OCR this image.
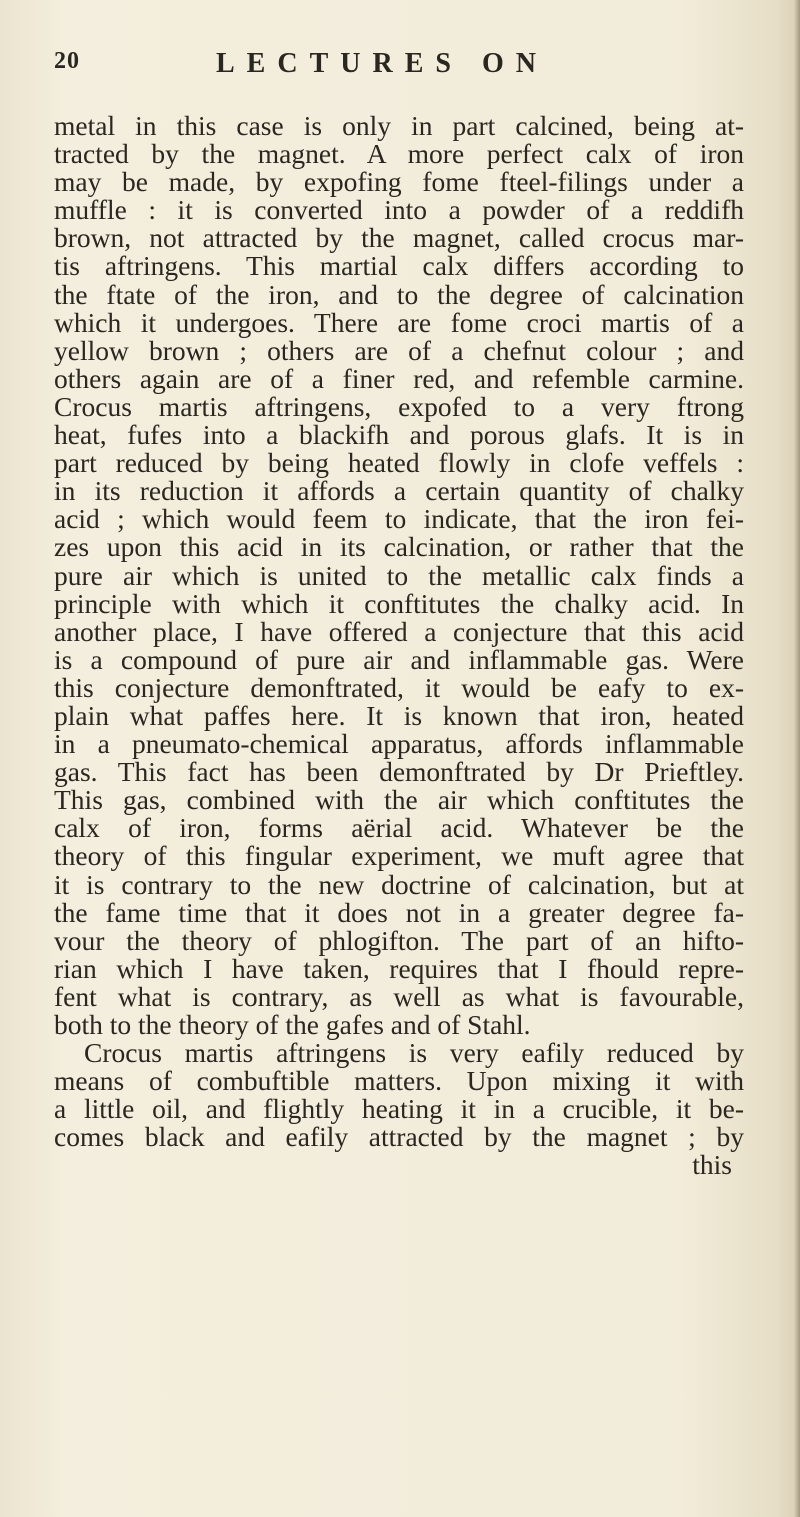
20	LECTURES ON
metal in this case is only in part calcined, being at-
tracted by the magnet. A more perfect calx of iron
may be made, by expofing fome fteel-filings under a
muffle : it is converted into a powder of a reddifh
brown, not attracted by the magnet, called crocus mar-
tis aftringens. This martial calx differs according to
the ftate of the iron, and to the degree of calcination
which it undergoes. There are fome croci martis of a
yellow brown ; others are of a chefnut colour ; and
others again are of a finer red, and refemble carmine.
Crocus martis aftringens, expofed to a very ftrong
heat, fufes into a blackifh and porous glafs. It is in
part reduced by being heated flowly in clofe veffels :
in its reduction it affords a certain quantity of chalky
acid ; which would feem to indicate, that the iron fei-
zes upon this acid in its calcination, or rather that the
pure air which is united to the metallic calx finds a
principle with which it conftitutes the chalky acid. In
another place, I have offered a conjecture that this acid
is a compound of pure air and inflammable gas. Were
this conjecture demonftrated, it would be eafy to ex-
plain what paffes here. It is known that iron, heated
in a pneumato-chemical apparatus, affords inflammable
gas. This fact has been demonftrated by Dr Prieftley.
This gas, combined with the air which conftitutes the
calx of iron, forms aërial acid. Whatever be the
theory of this fingular experiment, we muft agree that
it is contrary to the new doctrine of calcination, but at
the fame time that it does not in a greater degree fa-
vour the theory of phlogifton. The part of an hifto-
rian which I have taken, requires that I fhould repre-
fent what is contrary, as well as what is favourable,
both to the theory of the gafes and of Stahl.
Crocus martis aftringens is very eafily reduced by
means of combuftible matters. Upon mixing it with
a little oil, and flightly heating it in a crucible, it be-
comes black and eafily attracted by the magnet ; by
this
